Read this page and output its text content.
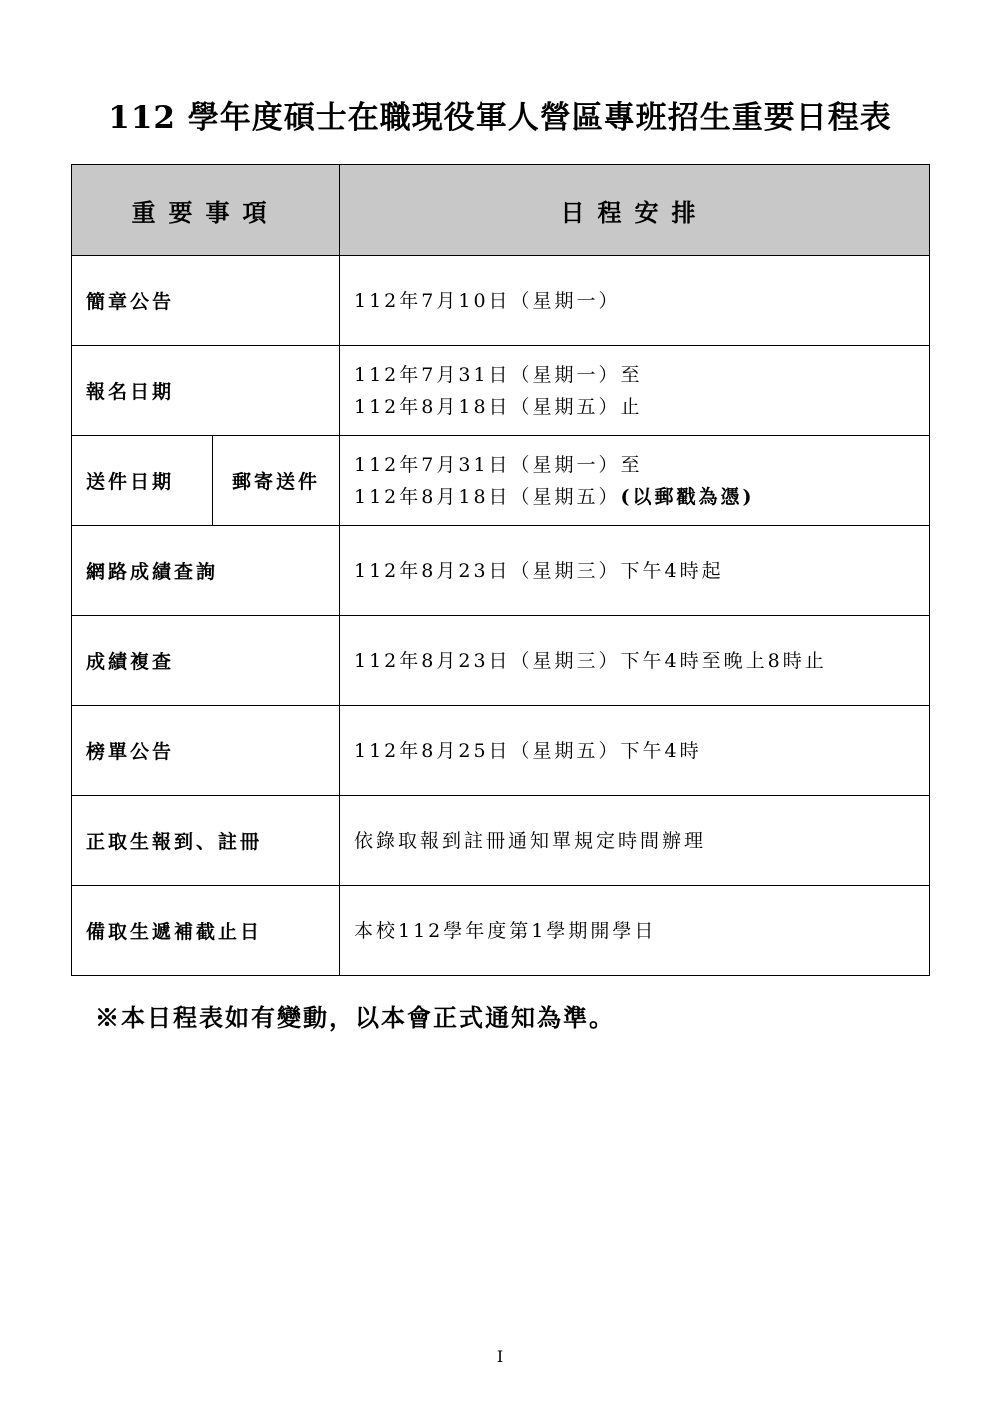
112 學年度碩士在職現役軍人營區專班招生重要日程表
重要事項		日程安排
簡章公告		112年7月10日（星期一）
報名日期		112年7月31日（星期一）至
112年8月18日（星期五）止

送件日期	郵寄送件	112年7月31日（星期一）至
112年8月18日（星期五）(以郵戳為憑)

網路成績查詢		112年8月23日（星期三）下午4時起
成績複查		112年8月23日（星期三）下午4時至晚上8時止
榜單公告		112年8月25日（星期五）下午4時
正取生報到、註冊		依錄取報到註冊通知單規定時間辦理
備取生遞補截止日		本校112學年度第1學期開學日
※本日程表如有變動，以本會正式通知為準。
I
